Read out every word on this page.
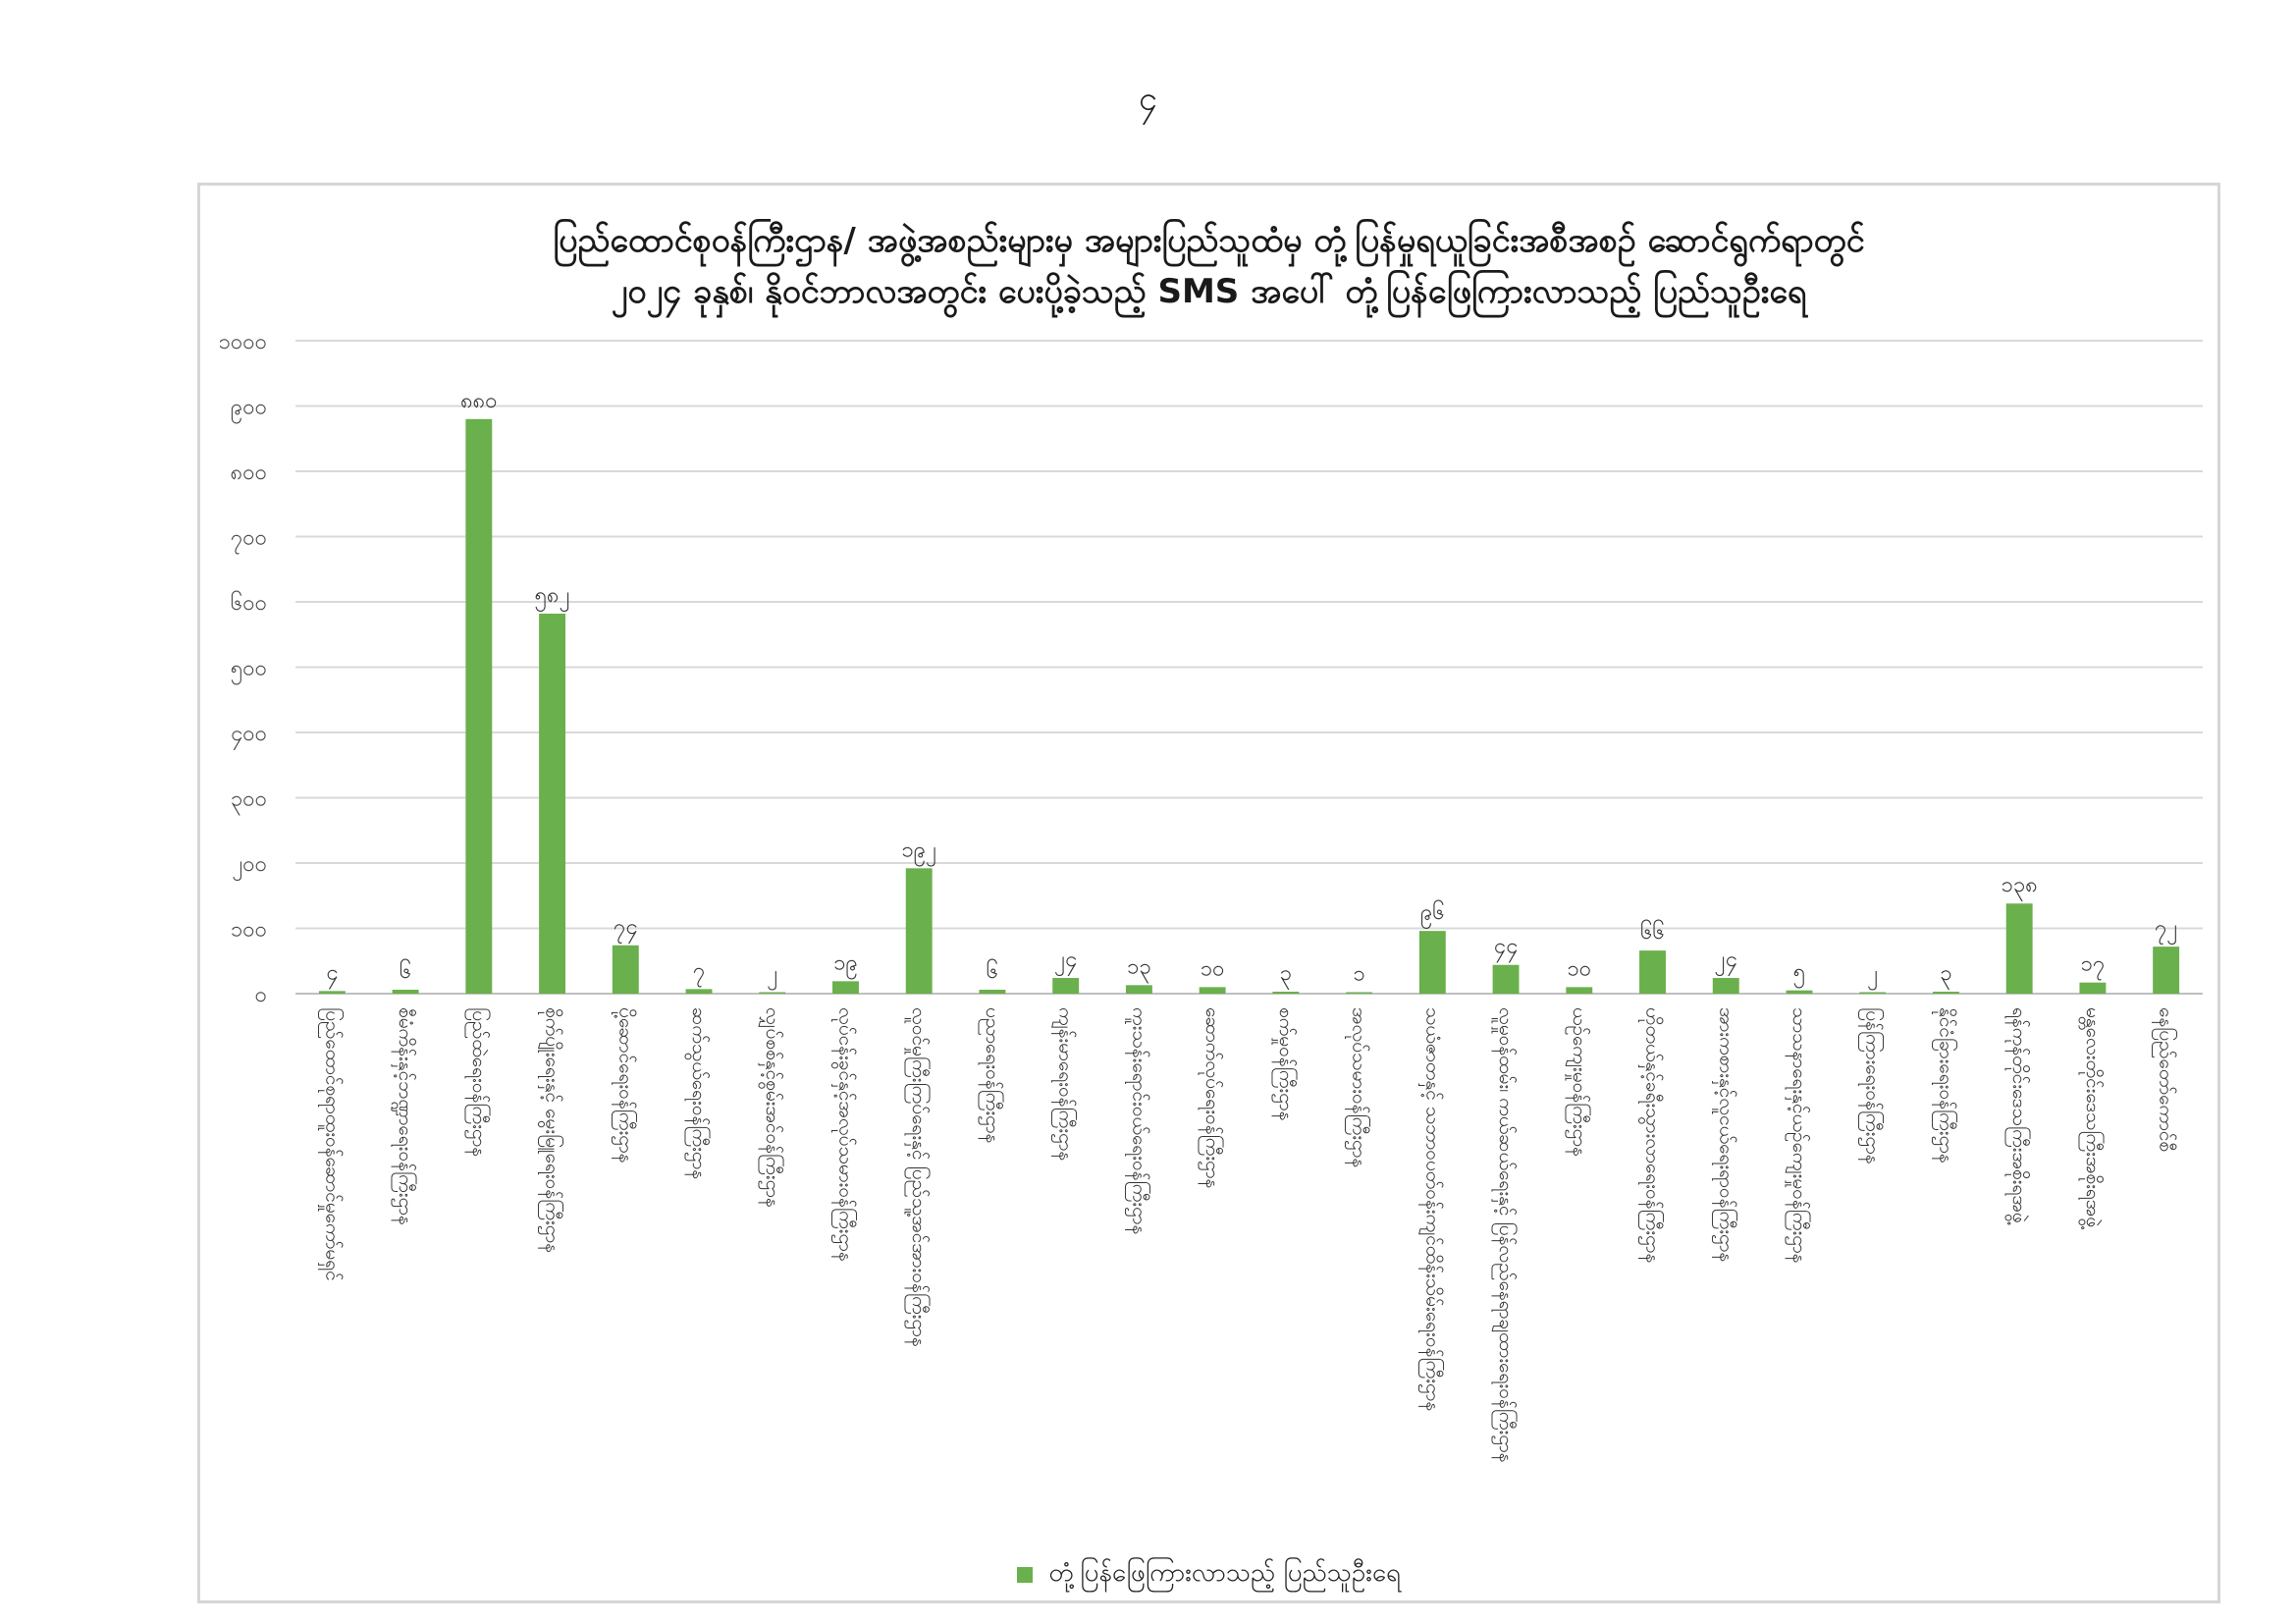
၄
ပြည်ထောင်စုဝန်ကြီးဌာန/ အဖွဲ့အစည်းများမှ အများပြည်သူထံမှ တုံ့ပြန်မှုရယူခြင်းအစီအစဉ် ဆောင်ရွက်ရာတွင်
၂၀၂၄ ခုနှစ်၊ နိုဝင်ဘာလအတွင်း ပေးပို့ခဲ့သည့် SMS အပေါ် တုံ့ပြန်ဖြေကြားလာသည့် ပြည်သူဦးရေ
၀
၁၀၀
၂၀၀
၃၀၀
၄၀၀
၅၀၀
၆၀၀
၇၀၀
၈၀၀
၉၀၀
၁၀၀၀
၄
ပြည်ထောင်စုရာထူးဝန်ဆောင်မှုကော်မရှင်
၆
စီမံကိန်းနှင့်ဘဏ္ဍာရေးဝန်ကြီးဌာန
၈၈၀
ပြည်ထဲရေးဝန်ကြီးဌာန
၅၈၂
စိုက်ပျိုးရေးနှင့် မွေးမြူရေးဝန်ကြီးဌာန
၇၄
ပို့ဆောင်ရေးဝန်ကြီးဌာန
၇
ဆက်သွယ်ရေးဝန်ကြီးဌာန
၂
လျှပ်စစ်နှင့်စွမ်းအင်ဝန်ကြီးဌာန
၁၉
လုပ်ငန်းခွင်နှင့်အလုပ်သမားဝန်ကြီးဌာန
၁၉၂
လူဝင်မှုကြီးကြပ်ရေးနှင့် ပြည်သူ့အင်အားဝန်ကြီးဌာန
၆
ပညာရေးဝန်ကြီးဌာန
၂၄
ကျန်းမာရေးဝန်ကြီးဌာန
၁၃
ကူးသန်းရောင်းဝယ်ရေးဝန်ကြီးဌာန
၁၀
ဆောက်လုပ်ရေးဝန်ကြီးဌာန
၃
စက်မှုဝန်ကြီးဌာန
၁
အလုပ်သမားဝန်ကြီးဌာန
၉၆
သယံဇာတနှင့် သဘာဝပတ်ဝန်းကျင်ထိန်းသိမ်းရေးဝန်ကြီးဌာန
၄၄
လူမှုဝန်ထမ်း၊ ကယ်ဆယ်ရေးနှင့် ပြန်လည်နေရာချထားရေးဝန်ကြီးဌာန
၁၀
ယဉ်ကျေးမှုဝန်ကြီးဌာန
၆၆
ဟိုတယ်နှင့်ခရီးသွားလာရေးဝန်ကြီးဌာန
၂၄
အားကစားနှင့်လူငယ်ရေးရာဝန်ကြီးဌာန
၅
သာသနာရေးနှင့်ယဉ်ကျေးမှုဝန်ကြီးဌာန
၂
ပြန်ကြားရေးဝန်ကြီးဌာန
၃
နိုင်ငံခြားရေးဝန်ကြီးဌာန
၁၃၈
ရန်ကုန်တိုင်းဒေသကြီးအစိုးရအဖွဲ့
၁၇
မန္တလေးတိုင်းဒေသကြီးအစိုးရအဖွဲ့
၇၂
နေပြည်တော်ကောင်စီ
တုံ့ပြန်ဖြေကြားလာသည့် ပြည်သူဦးရေ
